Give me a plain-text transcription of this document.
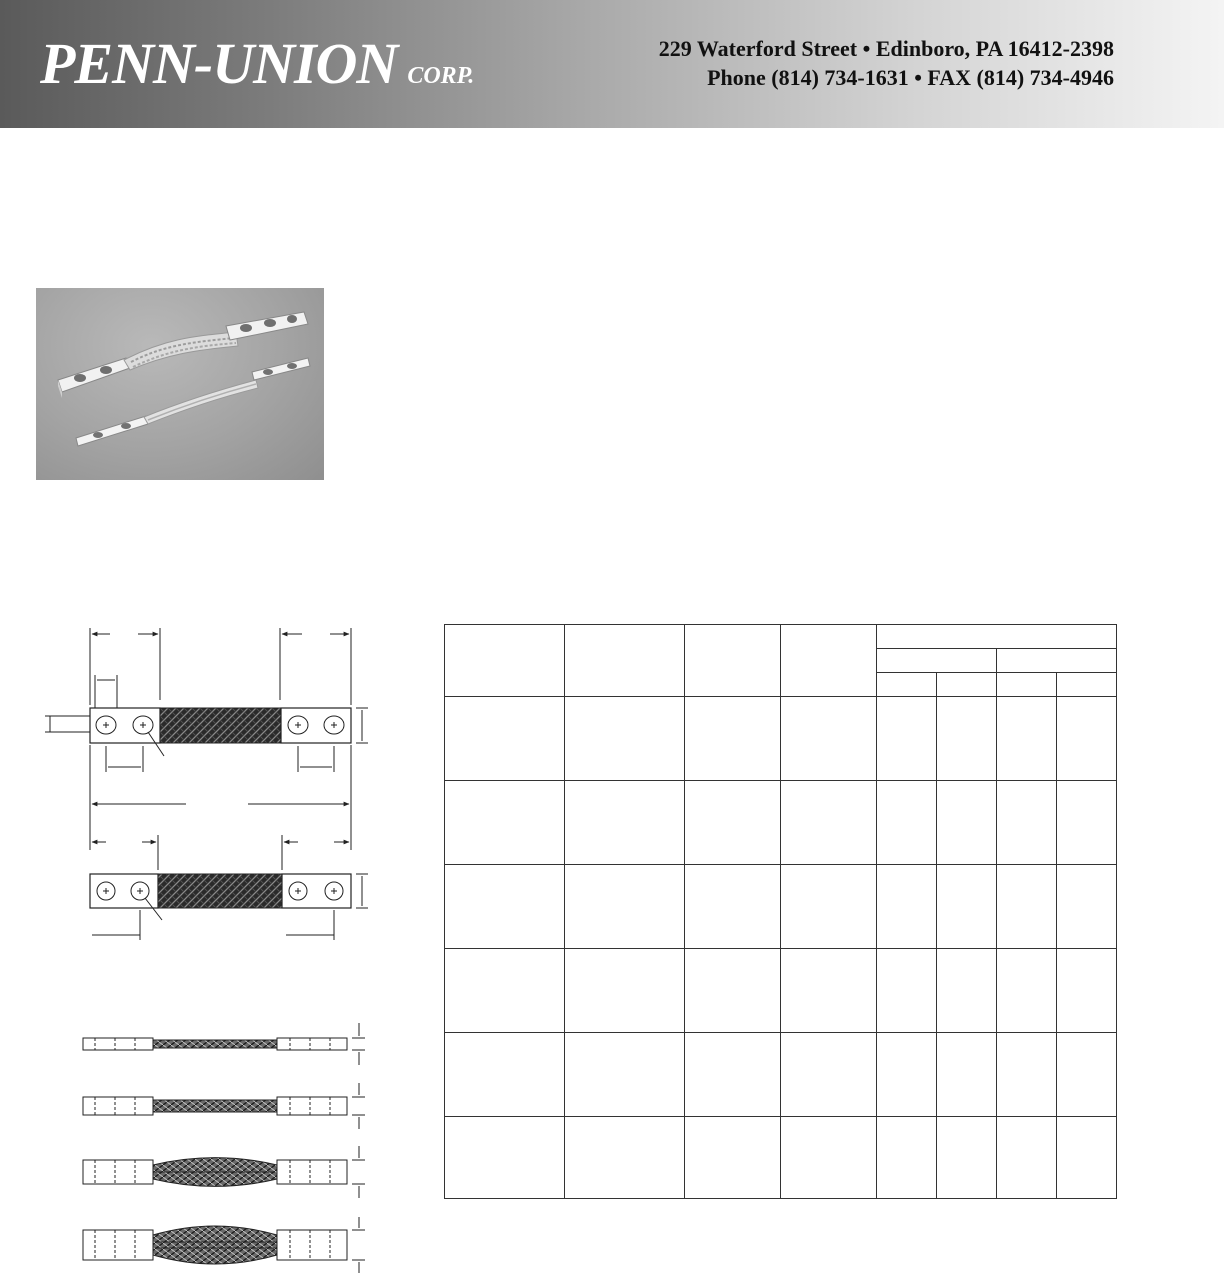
PENN-UNION CORP.
229 Waterford Street • Edinboro, PA 16412-2398
Phone (814) 734-1631 • FAX (814) 734-4946
